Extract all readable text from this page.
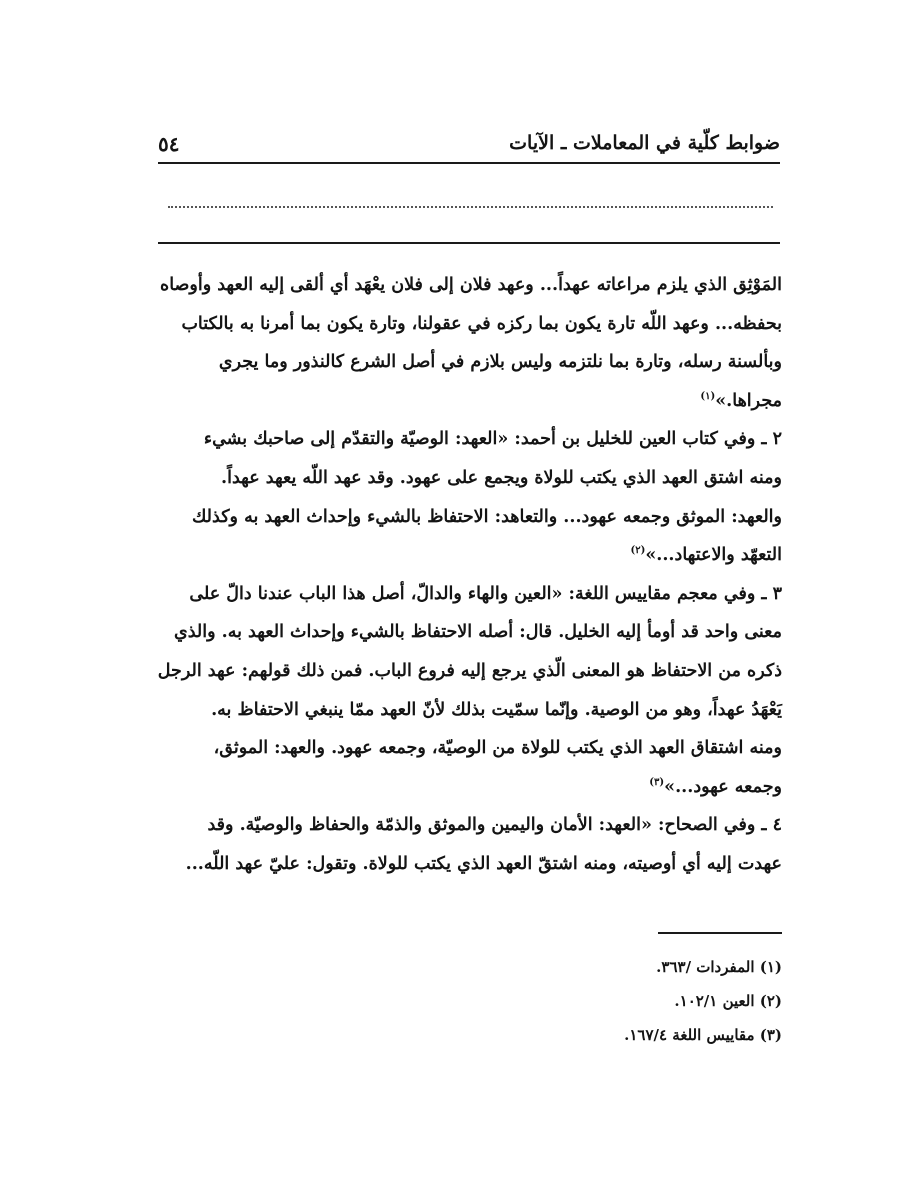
ضوابط كلّية في المعاملات ـ الآيات
٥٤

المَوْثِق الذي يلزم مراعاته عهداً... وعهد فلان إلى فلان يعْهَد أي ألقى إليه العهد وأوصاه

بحفظه... وعهد اللّه تارة يكون بما ركزه في عقولنا، وتارة يكون بما أمرنا به بالكتاب

وبألسنة رسله، وتارة بما نلتزمه وليس بلازم في أصل الشرع كالنذور وما يجري

مجراها.»$^{(١)}$

٢ ـ وفي كتاب العين للخليل بن أحمد: «العهد: الوصيّة والتقدّم إلى صاحبك بشيء

ومنه اشتق العهد الذي يكتب للولاة ويجمع على عهود. وقد عهد اللّه يعهد عهداً.

والعهد: الموثق وجمعه عهود... والتعاهد: الاحتفاظ بالشيء وإحداث العهد به وكذلك

التعهّد والاعتهاد...»$^{(٢)}$

٣ ـ وفي معجم مقاييس اللغة: «العين والهاء والدالّ، أصل هذا الباب عندنا دالّ على

معنى واحد قد أومأ إليه الخليل. قال: أصله الاحتفاظ بالشيء وإحداث العهد به. والذي

ذكره من الاحتفاظ هو المعنى الّذي يرجع إليه فروع الباب. فمن ذلك قولهم: عهد الرجل

يَعْهَدُ عهداً، وهو من الوصية. وإنّما سمّيت بذلك لأنّ العهد ممّا ينبغي الاحتفاظ به.

ومنه اشتقاق العهد الذي يكتب للولاة من الوصيّة، وجمعه عهود. والعهد: الموثق،

وجمعه عهود...»$^{(٣)}$

٤ ـ وفي الصحاح: «العهد: الأمان واليمين والموثق والذمّة والحفاظ والوصيّة. وقد

عهدت إليه أي أوصيته، ومنه اشتقّ العهد الذي يكتب للولاة. وتقول: عليّ عهد اللّه...

(١) المفردات /٣٦٣.
(٢) العين ١٠٢/١.
(٣) مقاييس اللغة ١٦٧/٤.
